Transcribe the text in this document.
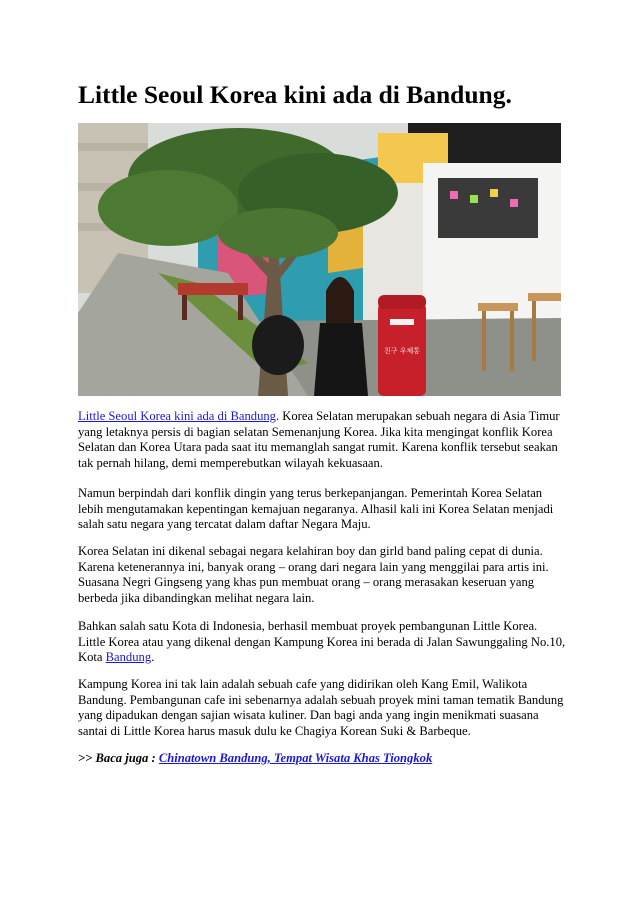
Little Seoul Korea kini ada di Bandung.
친구 우체통

Little Seoul Korea kini ada di Bandung. Korea Selatan merupakan sebuah negara di Asia Timur yang letaknya persis di bagian selatan Semenanjung Korea. Jika kita mengingat konflik Korea Selatan dan Korea Utara pada saat itu memanglah sangat rumit. Karena konflik tersebut seakan tak pernah hilang, demi memperebutkan wilayah kekuasaan.

Namun berpindah dari konflik dingin yang terus berkepanjangan. Pemerintah Korea Selatan lebih mengutamakan kepentingan kemajuan negaranya. Alhasil kali ini Korea Selatan menjadi salah satu negara yang tercatat dalam daftar Negara Maju.

Korea Selatan ini dikenal sebagai negara kelahiran boy dan girld band paling cepat di dunia. Karena ketenerannya ini, banyak orang – orang dari negara lain yang menggilai para artis ini. Suasana Negri Gingseng yang khas pun membuat orang – orang merasakan keseruan yang berbeda jika dibandingkan melihat negara lain.

Bahkan salah satu Kota di Indonesia, berhasil membuat proyek pembangunan Little Korea. Little Korea atau yang dikenal dengan Kampung Korea ini berada di Jalan Sawunggaling No.10, Kota Bandung.

Kampung Korea ini tak lain adalah sebuah cafe yang didirikan oleh Kang Emil, Walikota Bandung. Pembangunan cafe ini sebenarnya adalah sebuah proyek mini taman tematik Bandung yang dipadukan dengan sajian wisata kuliner. Dan bagi anda yang ingin menikmati suasana santai di Little Korea harus masuk dulu ke Chagiya Korean Suki & Barbeque.

>> Baca juga : Chinatown Bandung, Tempat Wisata Khas Tiongkok
